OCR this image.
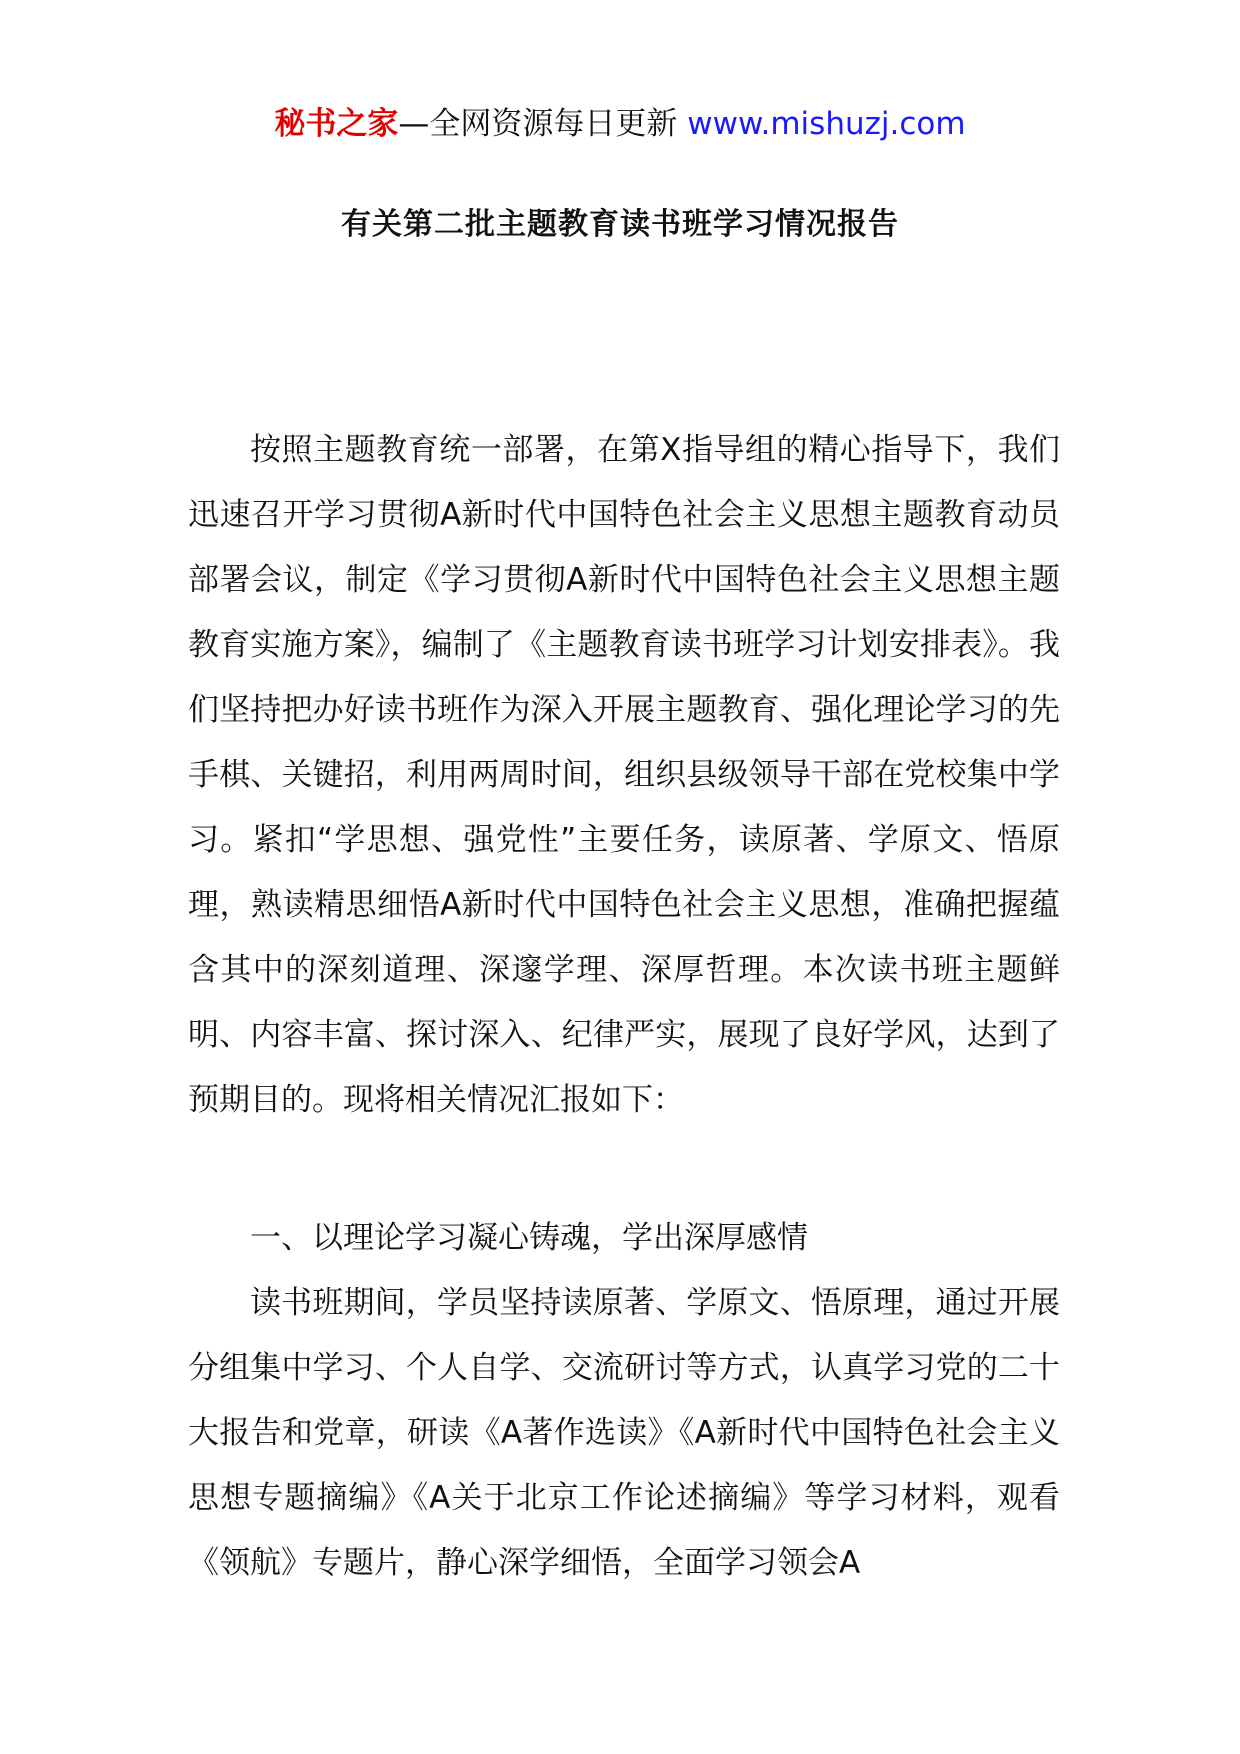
秘书之家—全网资源每日更新 www.mishuzj.com
有关第二批主题教育读书班学习情况报告

按照主题教育统一部署，在第X指导组的精心指导下，我们迅速召开学习贯彻A新时代中国特色社会主义思想主题教育动员部署会议，制定《学习贯彻A新时代中国特色社会主义思想主题教育实施方案》，编制了《主题教育读书班学习计划安排表》。我们坚持把办好读书班作为深入开展主题教育、强化理论学习的先手棋、关键招，利用两周时间，组织县级领导干部在党校集中学习。紧扣“学思想、强党性”主要任务，读原著、学原文、悟原理，熟读精思细悟A新时代中国特色社会主义思想，准确把握蕴含其中的深刻道理、深邃学理、深厚哲理。本次读书班主题鲜明、内容丰富、探讨深入、纪律严实，展现了良好学风，达到了预期目的。现将相关情况汇报如下：

一、以理论学习凝心铸魂，学出深厚感情

读书班期间，学员坚持读原著、学原文、悟原理，通过开展分组集中学习、个人自学、交流研讨等方式，认真学习党的二十大报告和党章，研读《A著作选读》《A新时代中国特色社会主义思想专题摘编》《A关于北京工作论述摘编》等学习材料，观看《领航》专题片，静心深学细悟，全面学习领会A
